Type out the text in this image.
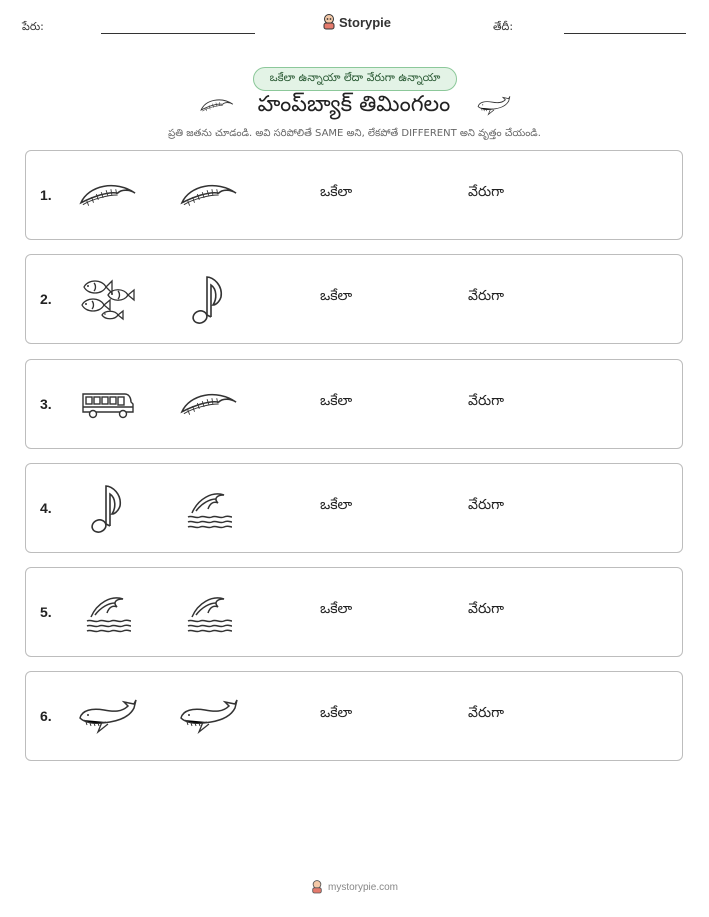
పేరు:	Storypie	తేదీ:
ఒకేలా ఉన్నాయా లేదా వేరుగా ఉన్నాయా
హంప్‌బ్యాక్ తిమింగలం
ప్రతి జతను చూడండి. అవి సరిపోలితే SAME అని, లేకపోతే DIFFERENT అని వృత్తం చేయండి.
1.	ఒకేలా	వేరుగా
2.	ఒకేలా	వేరుగా
3.	ఒకేలా	వేరుగా
4.	ఒకేలా	వేరుగా
5.	ఒకేలా	వేరుగా
6.	ఒకేలా	వేరుగా
mystorypie.com
